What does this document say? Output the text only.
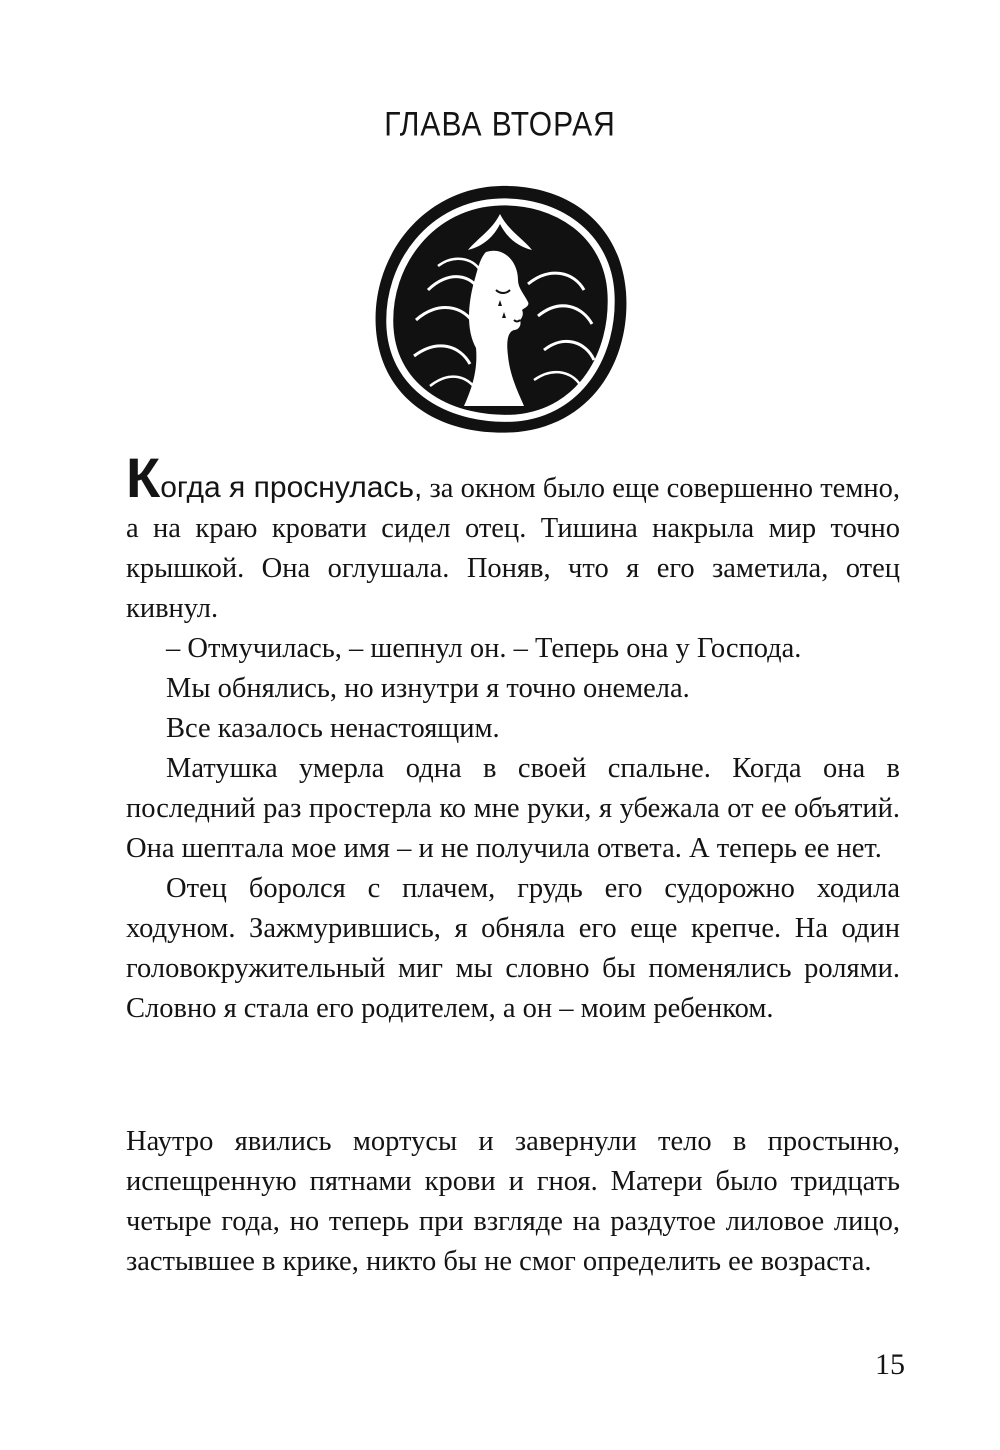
ГЛАВА ВТОРАЯ

Когда я проснулась, за окном было еще совершенно темно, а на краю кровати сидел отец. Тишина накрыла мир точно крышкой. Она оглушала. Поняв, что я его заметила, отец кивнул.

– Отмучилась, – шепнул он. – Теперь она у Господа.

Мы обнялись, но изнутри я точно онемела.

Все казалось ненастоящим.

Матушка умерла одна в своей спальне. Когда она в последний раз простерла ко мне руки, я убежала от ее объятий. Она шептала мое имя – и не получила ответа. А теперь ее нет.

Отец боролся с плачем, грудь его судорожно ходила ходуном. Зажмурившись, я обняла его еще крепче. На один головокружительный миг мы словно бы поменялись ролями. Словно я стала его родителем, а он – моим ребенком.

Наутро явились мортусы и завернули тело в простыню, испещренную пятнами крови и гноя. Матери было тридцать четыре года, но теперь при взгляде на раздутое лиловое лицо, застывшее в крике, никто бы не смог определить ее возраста.

15
